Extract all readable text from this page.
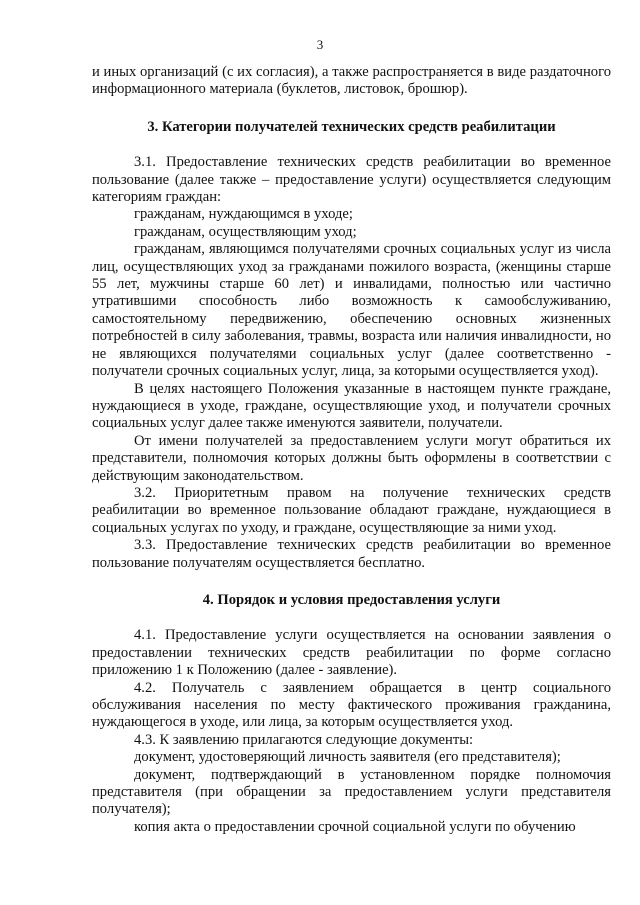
3

и иных организаций (с их согласия), а также распространяется в виде раздаточного информационного материала (буклетов, листовок, брошюр).

3. Категории получателей технических средств реабилитации

3.1. Предоставление технических средств реабилитации во временное пользование (далее также – предоставление услуги) осуществляется следующим категориям граждан:

гражданам, нуждающимся в уходе;

гражданам, осуществляющим уход;

гражданам, являющимся получателями срочных социальных услуг из числа лиц, осуществляющих уход за гражданами пожилого возраста, (женщины старше 55 лет, мужчины старше 60 лет) и инвалидами, полностью или частично утратившими способность либо возможность к самообслуживанию, самостоятельному передвижению, обеспечению основных жизненных потребностей в силу заболевания, травмы, возраста или наличия инвалидности, но не являющихся получателями социальных услуг (далее соответственно - получатели срочных социальных услуг, лица, за которыми осуществляется уход).

В целях настоящего Положения указанные в настоящем пункте граждане, нуждающиеся в уходе, граждане, осуществляющие уход, и получатели срочных социальных услуг далее также именуются заявители, получатели.

От имени получателей за предоставлением услуги могут обратиться их представители, полномочия которых должны быть оформлены в соответствии с действующим законодательством.

3.2. Приоритетным правом на получение технических средств реабилитации во временное пользование обладают граждане, нуждающиеся в социальных услугах по уходу, и граждане, осуществляющие за ними уход.

3.3. Предоставление технических средств реабилитации во временное пользование получателям осуществляется бесплатно.

4. Порядок и условия предоставления услуги

4.1. Предоставление услуги осуществляется на основании заявления о предоставлении технических средств реабилитации по форме согласно приложению 1 к Положению (далее - заявление).

4.2. Получатель с заявлением обращается в центр социального обслуживания населения по месту фактического проживания гражданина, нуждающегося в уходе, или лица, за которым осуществляется уход.

4.3. К заявлению прилагаются следующие документы:

документ, удостоверяющий личность заявителя (его представителя);

документ, подтверждающий в установленном порядке полномочия представителя (при обращении за предоставлением услуги представителя получателя);

копия акта о предоставлении срочной социальной услуги по обучению
